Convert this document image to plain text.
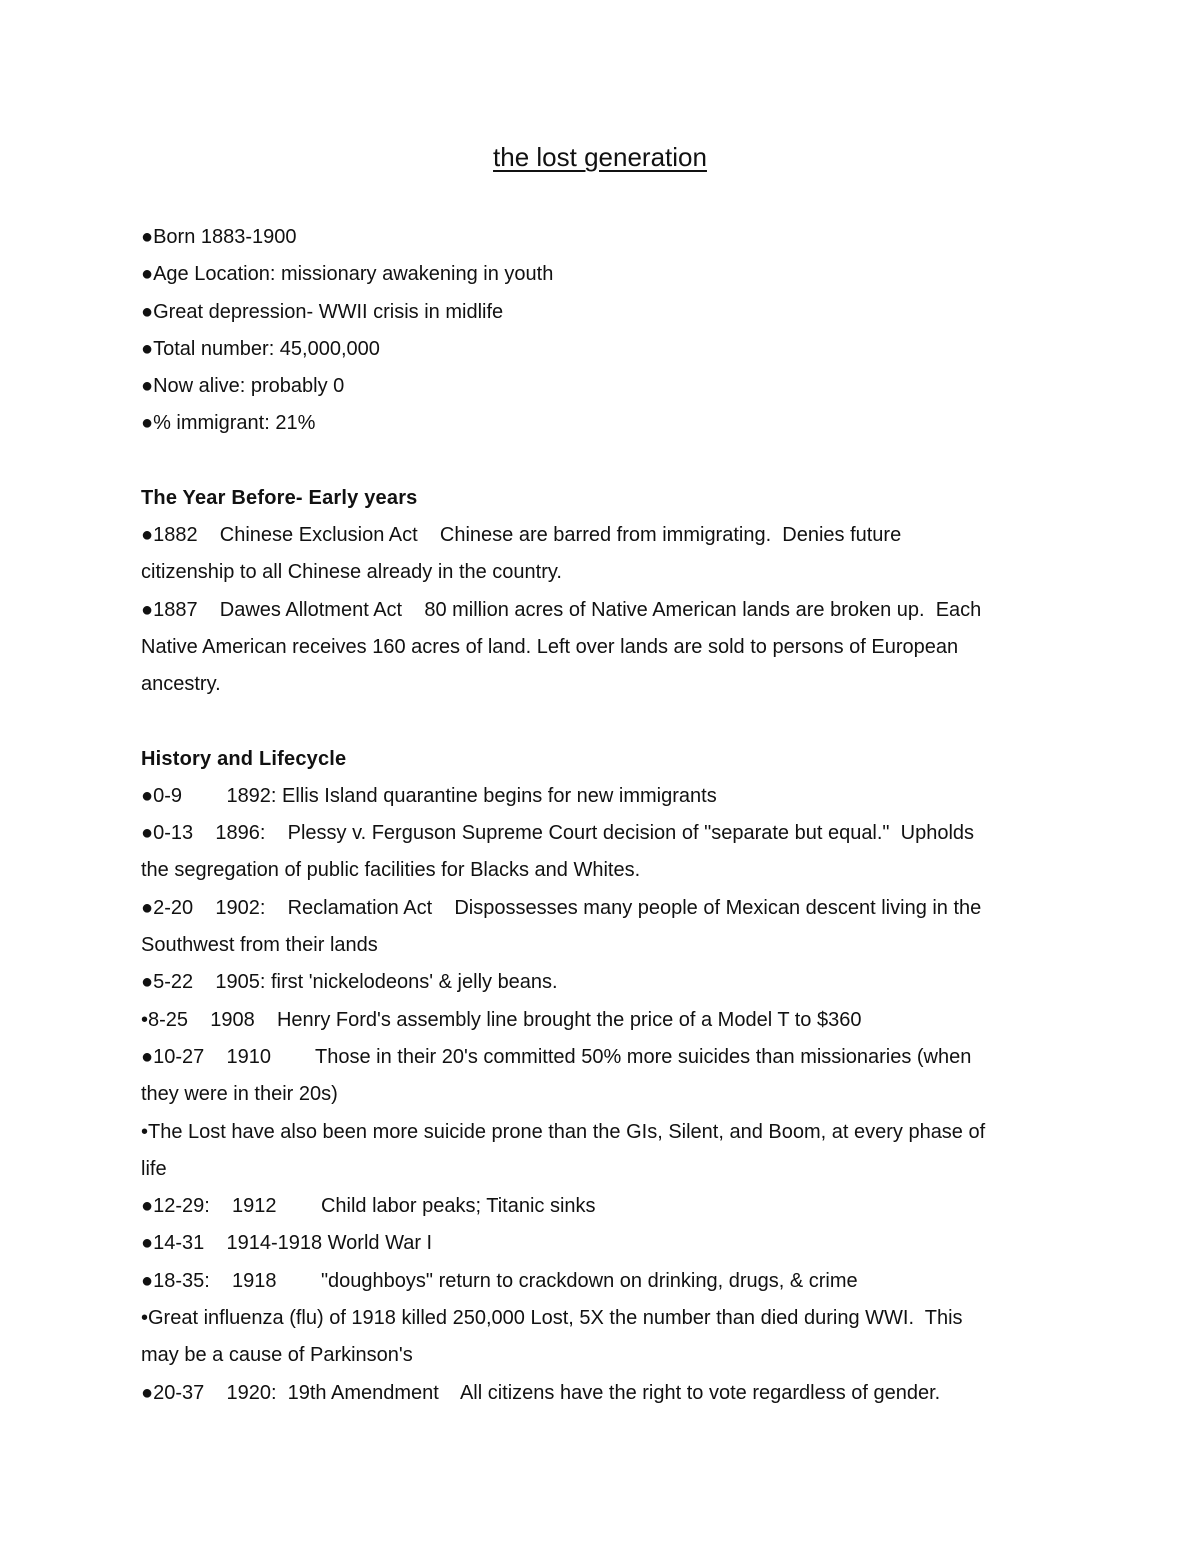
the lost generation

●Born 1883-1900

●Age Location: missionary awakening in youth

●Great depression- WWII crisis in midlife

●Total number: 45,000,000

●Now alive: probably 0

●% immigrant: 21%

The Year Before- Early years

●1882    Chinese Exclusion Act    Chinese are barred from immigrating.  Denies future

citizenship to all Chinese already in the country.

●1887    Dawes Allotment Act    80 million acres of Native American lands are broken up.  Each

Native American receives 160 acres of land. Left over lands are sold to persons of European

ancestry.

History and Lifecycle

●0-9        1892: Ellis Island quarantine begins for new immigrants

●0-13    1896:    Plessy v. Ferguson Supreme Court decision of "separate but equal."  Upholds

the segregation of public facilities for Blacks and Whites.

●2-20    1902:    Reclamation Act    Dispossesses many people of Mexican descent living in the

Southwest from their lands

●5-22    1905: first 'nickelodeons' & jelly beans.

•8-25    1908    Henry Ford's assembly line brought the price of a Model T to $360

●10-27    1910        Those in their 20's committed 50% more suicides than missionaries (when

they were in their 20s)

•The Lost have also been more suicide prone than the GIs, Silent, and Boom, at every phase of

life

●12-29:    1912        Child labor peaks; Titanic sinks

●14-31    1914-1918 World War I

●18-35:    1918        "doughboys" return to crackdown on drinking, drugs, & crime

•Great influenza (flu) of 1918 killed 250,000 Lost, 5X the number than died during WWI.  This

may be a cause of Parkinson's

●20-37    1920:  19th Amendment    All citizens have the right to vote regardless of gender.
